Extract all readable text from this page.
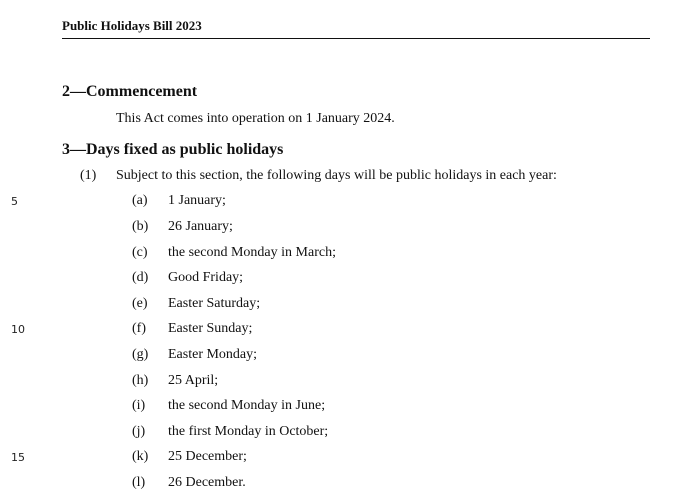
Public Holidays Bill 2023
2—Commencement
This Act comes into operation on 1 January 2024.
3—Days fixed as public holidays
(1) Subject to this section, the following days will be public holidays in each year:
(a) 1 January;
(b) 26 January;
(c) the second Monday in March;
(d) Good Friday;
(e) Easter Saturday;
(f) Easter Sunday;
(g) Easter Monday;
(h) 25 April;
(i) the second Monday in June;
(j) the first Monday in October;
(k) 25 December;
(l) 26 December.
5
10
15
